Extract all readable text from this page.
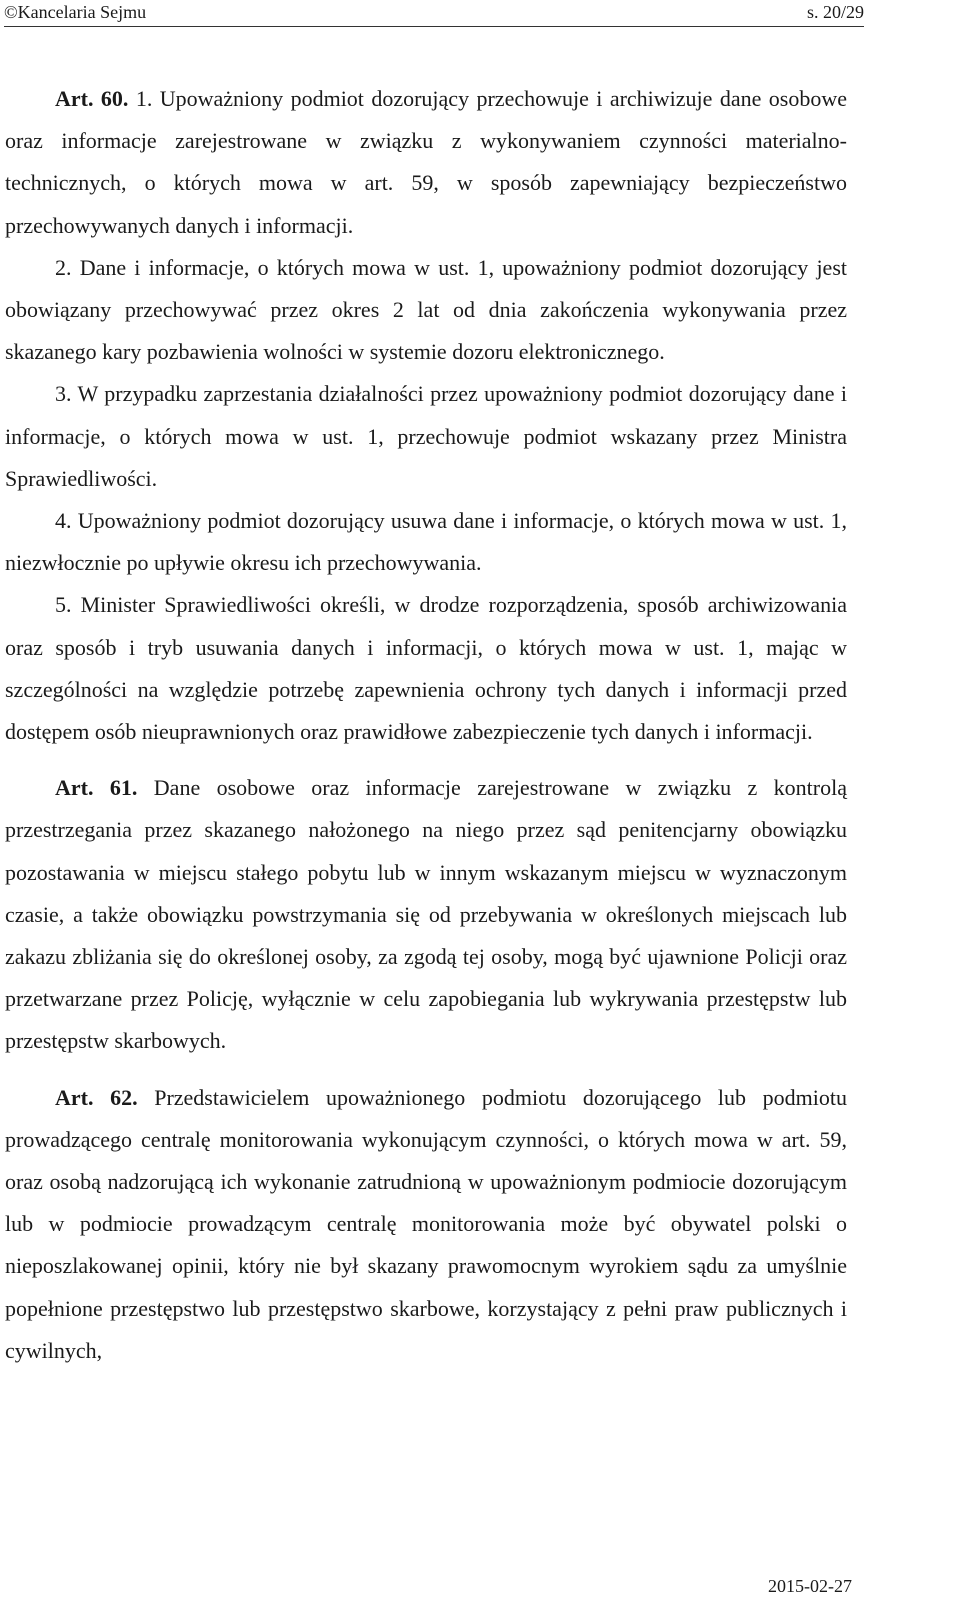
©Kancelaria Sejmu	s. 20/29

Art. 60. 1. Upoważniony podmiot dozorujący przechowuje i archiwizuje dane osobowe oraz informacje zarejestrowane w związku z wykonywaniem czynności materialno-technicznych, o których mowa w art. 59, w sposób zapewniający bezpieczeństwo przechowywanych danych i informacji.

2. Dane i informacje, o których mowa w ust. 1, upoważniony podmiot dozorujący jest obowiązany przechowywać przez okres 2 lat od dnia zakończenia wykonywania przez skazanego kary pozbawienia wolności w systemie dozoru elektronicznego.

3. W przypadku zaprzestania działalności przez upoważniony podmiot dozorujący dane i informacje, o których mowa w ust. 1, przechowuje podmiot wskazany przez Ministra Sprawiedliwości.

4. Upoważniony podmiot dozorujący usuwa dane i informacje, o których mowa w ust. 1, niezwłocznie po upływie okresu ich przechowywania.

5. Minister Sprawiedliwości określi, w drodze rozporządzenia, sposób archiwizowania oraz sposób i tryb usuwania danych i informacji, o których mowa w ust. 1, mając w szczególności na względzie potrzebę zapewnienia ochrony tych danych i informacji przed dostępem osób nieuprawnionych oraz prawidłowe zabezpieczenie tych danych i informacji.

Art. 61. Dane osobowe oraz informacje zarejestrowane w związku z kontrolą przestrzegania przez skazanego nałożonego na niego przez sąd penitencjarny obowiązku pozostawania w miejscu stałego pobytu lub w innym wskazanym miejscu w wyznaczonym czasie, a także obowiązku powstrzymania się od przebywania w określonych miejscach lub zakazu zbliżania się do określonej osoby, za zgodą tej osoby, mogą być ujawnione Policji oraz przetwarzane przez Policję, wyłącznie w celu zapobiegania lub wykrywania przestępstw lub przestępstw skarbowych.

Art. 62. Przedstawicielem upoważnionego podmiotu dozorującego lub podmiotu prowadzącego centralę monitorowania wykonującym czynności, o których mowa w art. 59, oraz osobą nadzorującą ich wykonanie zatrudnioną w upoważnionym podmiocie dozorującym lub w podmiocie prowadzącym centralę monitorowania może być obywatel polski o nieposzlakowanej opinii, który nie był skazany prawomocnym wyrokiem sądu za umyślnie popełnione przestępstwo lub przestępstwo skarbowe, korzystający z pełni praw publicznych i cywilnych,

2015-02-27
